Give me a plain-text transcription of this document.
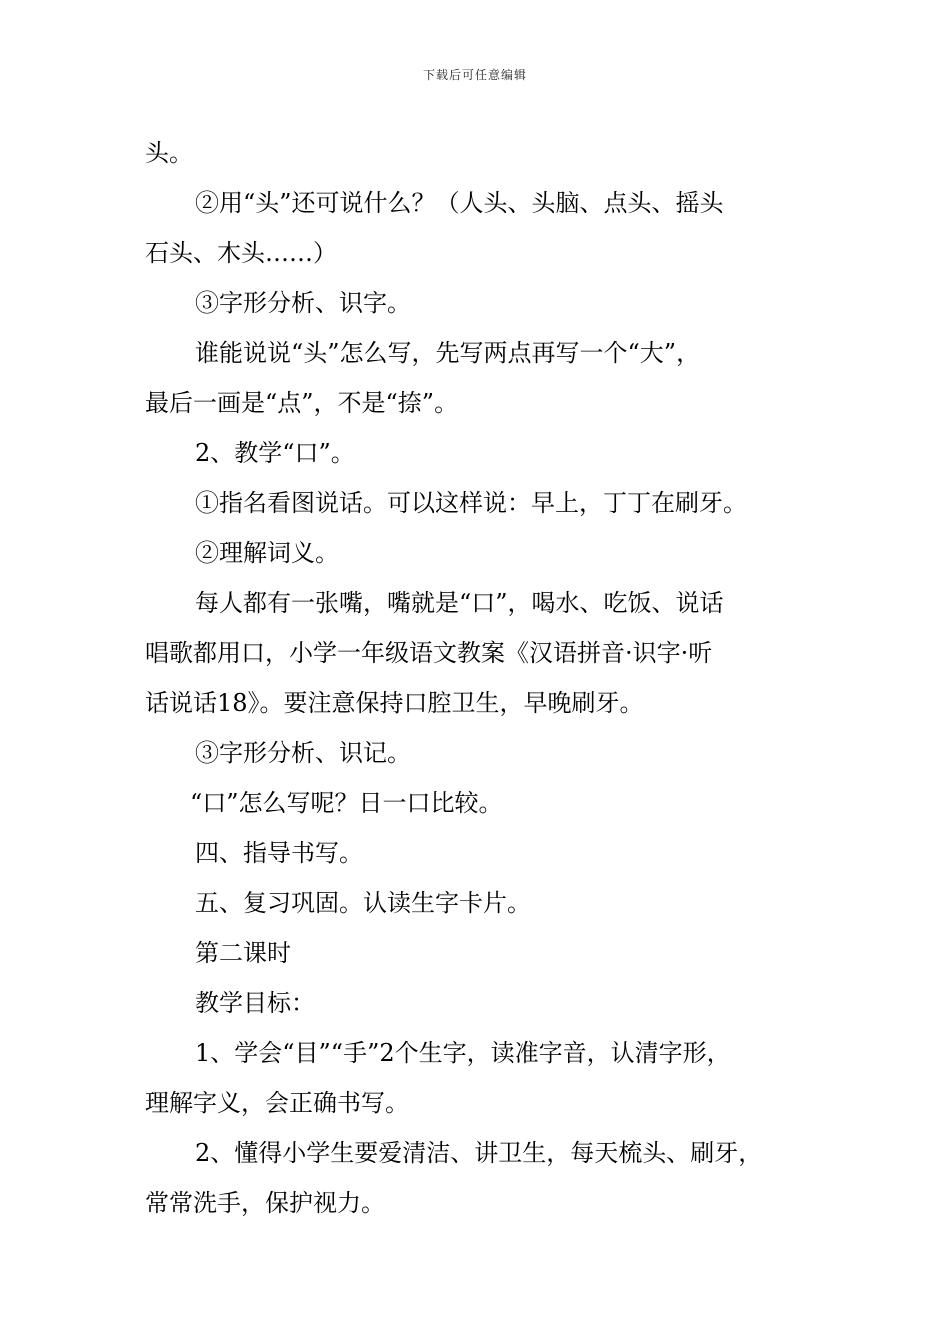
下载后可任意编辑

头。

②用“头”还可说什么？（人头、头脑、点头、摇头

石头、木头……）

③字形分析、识字。

谁能说说“头”怎么写，先写两点再写一个“大”，

最后一画是“点”，不是“捺”。

2、教学“口”。

①指名看图说话。可以这样说：早上，丁丁在刷牙。

②理解词义。

每人都有一张嘴，嘴就是“口”，喝水、吃饭、说话

唱歌都用口，小学一年级语文教案《汉语拼音·识字·听

话说话18》。要注意保持口腔卫生，早晚刷牙。

③字形分析、识记。

“口”怎么写呢？日一口比较。

四、指导书写。

五、复习巩固。认读生字卡片。

第二课时

教学目标：

1、学会“目”“手”2个生字，读准字音，认清字形，

理解字义，会正确书写。

2、懂得小学生要爱清洁、讲卫生，每天梳头、刷牙，

常常洗手，保护视力。
